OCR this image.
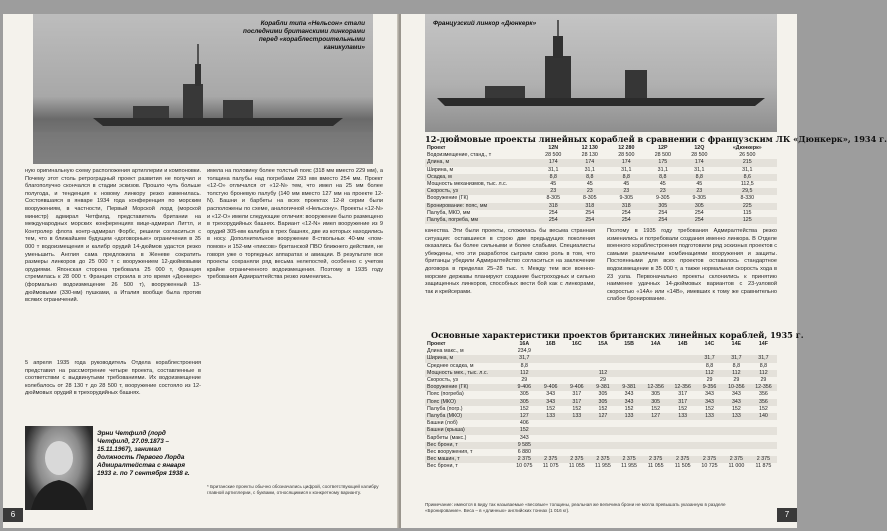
Корабли типа «Нельсон» стали последними британскими линкорами перед «кораблестроительными каникулами»
ную оригинальную схему расположения артиллерии и компоновки. Почему этот столь ретроградный проект развития не получил и благополучно скончался в стадии эскизов. Прошло чуть больше полугода, и тенденция к новому линкору резко изменилась. Состоявшаяся в январе 1934 года конференция по морским вооружениям, в частности, Первый Морской лорд (морской министр) адмирал Четфилд, представитель британии на международных морских конференциях вице-адмирал Литтл, и Контролер флота контр-адмирал Форбс, решили согласиться с тем, что в ближайшем будущем «договорные» ограничения в 35 000 т водоизмещения и калибр орудий 14-дюймов удастся резко уменьшить. Англия сама предложила в Женеве сократить размеры линкоров до 25 000 т с вооружением 12-дюймовыми орудиями. Японская сторона требовала 25 000 т, Франция стремилась к 28 000 т. Франция строила в это время «Дюнкерк» (формально водоизмещение 26 500 т), вооруженный 13-дюймовыми (330-мм) пушками, а Италия вообще была против всяких ограничений.
5 апреля 1935 года руководитель Отдела кораблестроения представил на рассмотрение четыре проекта, составленные в соответствии с выдвинутыми требованиями. Их водоизмещение колебалось от 28 130 т до 28 500 т, вооружение состояло из 12-дюймовых орудий в трехорудийных башнях.
Эрни Четфилд (лорд Четфилд, 27.09.1873 – 15.11.1967), занимал должность Первого Лорда Адмиралтейства с января 1933 г. по 7 сентября 1938 г.
имела на половину более толстый пояс (318 мм вместо 229 мм), а толщина палубы над погребами 293 мм вместо 254 мм. Проект «12-O» отличался от «12-N» тем, что имел на 25 мм более толстую броневую палубу (140 мм вместо 127 мм на проекте 12-N). Башни и барбеты на всех проектах 12-й серии были расположены по схеме, аналогичной «Нельсону». Проекты «12-N» и «12-O» имели следующие отличия: вооружение было размещено в трехорудийных башнях. Вариант «12-N» имел вооружение из 9 орудий 305-мм калибра в трех башнях, две из которых находились в носу. Дополнительное вооружение 8-ствольных 40-мм «пом-помов» и 152-мм «пиксов» британской ПВО ближнего действия, не говоря уже о торпедных аппаратах и авиации. В результате все проекты сохраняли ряд весьма нелепостей, особенно с учетом крайне ограниченного водоизмещения. Поэтому в 1935 году требования Адмиралтейства резко изменились.
* Британские проекты обычно обозначались цифрой, соответствующей калибру главной артиллерии, с буквами, относящимися к конкретному варианту.
6
Французский линкор «Дюнкерк»
12-дюймовые проекты линейных кораблей в сравнении с французским ЛК «Дюнкерк», 1934 г.
Проект	12N	12 130	12 280	12P	12Q	«Дюнкерк»
Водоизмещение, станд., т	28 500	28 130	28 500	28 500	28 500	26 500
Длина, м	174	174	174	175	174	215
Ширина, м	31,1	31,1	31,1	31,1	31,1	31,1
Осадка, м	8,8	8,8	8,8	8,8	8,8	8,6
Мощность механизмов, тыс. л.с.	45	45	45	45	45	112,5
Скорость, уз	23	23	23	23	23	29,5
Вооружение (ГК)	8-305	8-305	9-305	9-305	9-305	8-330
Бронирование: пояс, мм	318	318	318	305	305	225
Палуба, МКО, мм	254	254	254	254	254	115
Палуба, погреба, мм	254	254	254	254	254	125
качества. Эти были проекты, сложилась бы весьма странная ситуация: оставшиеся в строю две предыдущих поколения оказались бы более сильными и более слабыми. Специалисты убеждены, что эти разработок сыграли свою роль в том, что британцы убедили Адмиралтейство согласиться на заключение договора в пределах 25–28 тыс. т. Между тем все военно-морские державы планируют создание быстроходных и сильно защищенных линкоров, способных вести бой как с линкорами, так и крейсерами.
Поэтому в 1935 году требования Адмиралтейства резко изменились и потребовали создания именно линкора. В Отделе военного кораблестроения подготовили ряд эскизных проектов с самыми различными комбинациями вооружения и защиты. Постоянными для всех проектов оставалось стандартное водоизмещение в 35 000 т, а также нормальная скорость хода в 23 узла. Первоначально проекты склонились к принятию наименее удачных 14-дюймовых вариантов с 23-узловой скоростью «14А» или «14В», имевших к тому же сравнительно слабое бронирование.
Основные характеристики проектов британских линейных кораблей, 1935 г.
Проект	16A	16B	16C	15A	15B	14A	14B	14C	14E	14F
Длина макс., м	234,9									
Ширина, м	31,7							31,7	31,7	31,7
Среднее осадка, м	8,8							8,8	8,8	8,8
Мощность мех., тыс. л.с.	112			112				112	112	112
Скорость, уз	29			29				29	29	29
Вооружение (ГК)	9-406	9-406	9-406	9-381	9-381	12-356	12-356	9-356	10-356	12-356
Пояс (погреба)	305	343	317	305	343	305	317	343	343	356
Пояс (МКО)	305	343	317	305	343	305	317	343	343	356
Палуба (погр.)	152	152	152	152	152	152	152	152	152	152
Палуба (МКО)	127	133	133	127	133	127	133	133	133	140
Башни (лоб)	406									
Башни (крыша)	152									
Барбеты (макс.)	343									
Вес брони, т	9 585									
Вес вооружения, т	6 880									
Вес машин, т	2 375	2 375	2 375	2 375	2 375	2 375	2 375	2 375	2 375	2 375
Вес брони, т	10 075	11 075	11 055	11 955	11 955	11 055	11 505	10 725	11 000	11 875
Примечание: имеются в виду так называемые «весовые» толщины, реальная же величина брони не могла превышать указанную в разделе «Бронирование». Веса – в «длинных» английских тоннах (1 016 кг).	7
